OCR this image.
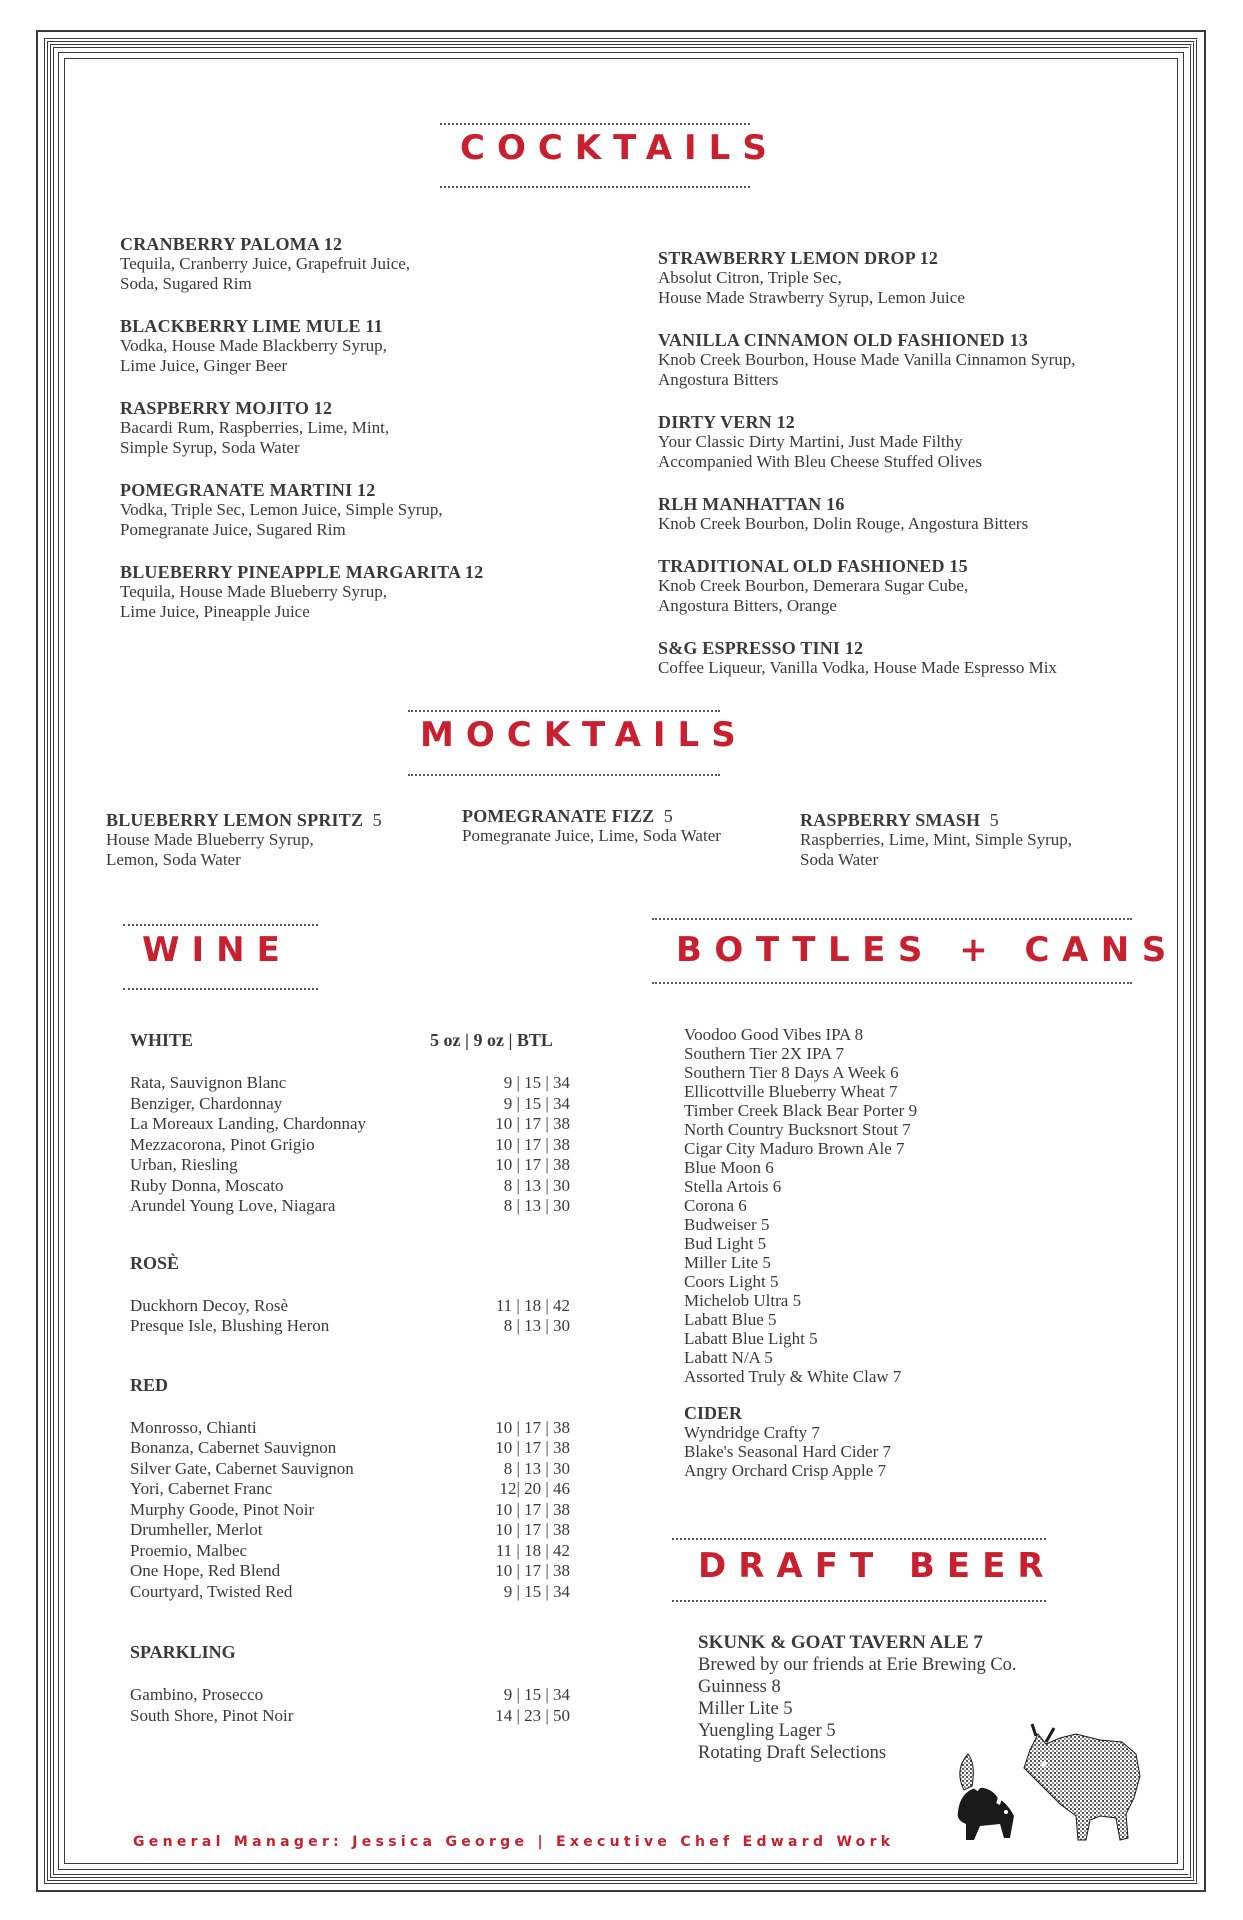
COCKTAILS
CRANBERRY PALOMA 12
Tequila, Cranberry Juice, Grapefruit Juice,
Soda, Sugared Rim
BLACKBERRY LIME MULE 11
Vodka, House Made Blackberry Syrup,
Lime Juice, Ginger Beer
RASPBERRY MOJITO 12
Bacardi Rum, Raspberries, Lime, Mint,
Simple Syrup, Soda Water
POMEGRANATE MARTINI 12
Vodka, Triple Sec, Lemon Juice, Simple Syrup,
Pomegranate Juice, Sugared Rim
BLUEBERRY PINEAPPLE MARGARITA 12
Tequila, House Made Blueberry Syrup,
Lime Juice, Pineapple Juice
STRAWBERRY LEMON DROP 12
Absolut Citron, Triple Sec,
House Made Strawberry Syrup, Lemon Juice
VANILLA CINNAMON OLD FASHIONED 13
Knob Creek Bourbon, House Made Vanilla Cinnamon Syrup,
Angostura Bitters
DIRTY VERN 12
Your Classic Dirty Martini, Just Made Filthy
Accompanied With Bleu Cheese Stuffed Olives
RLH MANHATTAN 16
Knob Creek Bourbon, Dolin Rouge, Angostura Bitters
TRADITIONAL OLD FASHIONED 15
Knob Creek Bourbon, Demerara Sugar Cube,
Angostura Bitters, Orange
S&G ESPRESSO TINI 12
Coffee Liqueur, Vanilla Vodka, House Made Espresso Mix
MOCKTAILS
BLUEBERRY LEMON SPRITZ 5
House Made Blueberry Syrup,
Lemon, Soda Water
POMEGRANATE FIZZ 5
Pomegranate Juice, Lime, Soda Water
RASPBERRY SMASH 5
Raspberries, Lime, Mint, Simple Syrup,
Soda Water
WINE
WHITE	5 oz | 9 oz | BTL
Rata, Sauvignon Blanc	9 | 15 | 34
Benziger, Chardonnay	9 | 15 | 34
La Moreaux Landing, Chardonnay	10 | 17 | 38
Mezzacorona, Pinot Grigio	10 | 17 | 38
Urban, Riesling	10 | 17 | 38
Ruby Donna, Moscato	8 | 13 | 30
Arundel Young Love, Niagara	8 | 13 | 30
ROSÈ
Duckhorn Decoy, Rosè	11 | 18 | 42
Presque Isle, Blushing Heron	8 | 13 | 30
RED
Monrosso, Chianti	10 | 17 | 38
Bonanza, Cabernet Sauvignon	10 | 17 | 38
Silver Gate, Cabernet Sauvignon	8 | 13 | 30
Yori, Cabernet Franc	12| 20 | 46
Murphy Goode, Pinot Noir	10 | 17 | 38
Drumheller, Merlot	10 | 17 | 38
Proemio, Malbec	11 | 18 | 42
One Hope, Red Blend	10 | 17 | 38
Courtyard, Twisted Red	9 | 15 | 34
SPARKLING
Gambino, Prosecco	9 | 15 | 34
South Shore, Pinot Noir	14 | 23 | 50
BOTTLES + CANS
Voodoo Good Vibes IPA 8
Southern Tier 2X IPA 7
Southern Tier 8 Days A Week 6
Ellicottville Blueberry Wheat 7
Timber Creek Black Bear Porter 9
North Country Bucksnort Stout 7
Cigar City Maduro Brown Ale 7
Blue Moon 6
Stella Artois 6
Corona 6
Budweiser 5
Bud Light 5
Miller Lite 5
Coors Light 5
Michelob Ultra 5
Labatt Blue 5
Labatt Blue Light 5
Labatt N/A 5
Assorted Truly & White Claw 7
CIDER
Wyndridge Crafty 7
Blake's Seasonal Hard Cider 7
Angry Orchard Crisp Apple 7
DRAFT BEER
SKUNK & GOAT TAVERN ALE 7
Brewed by our friends at Erie Brewing Co.
Guinness 8
Miller Lite 5
Yuengling Lager 5
Rotating Draft Selections
General Manager: Jessica George | Executive Chef Edward Work
